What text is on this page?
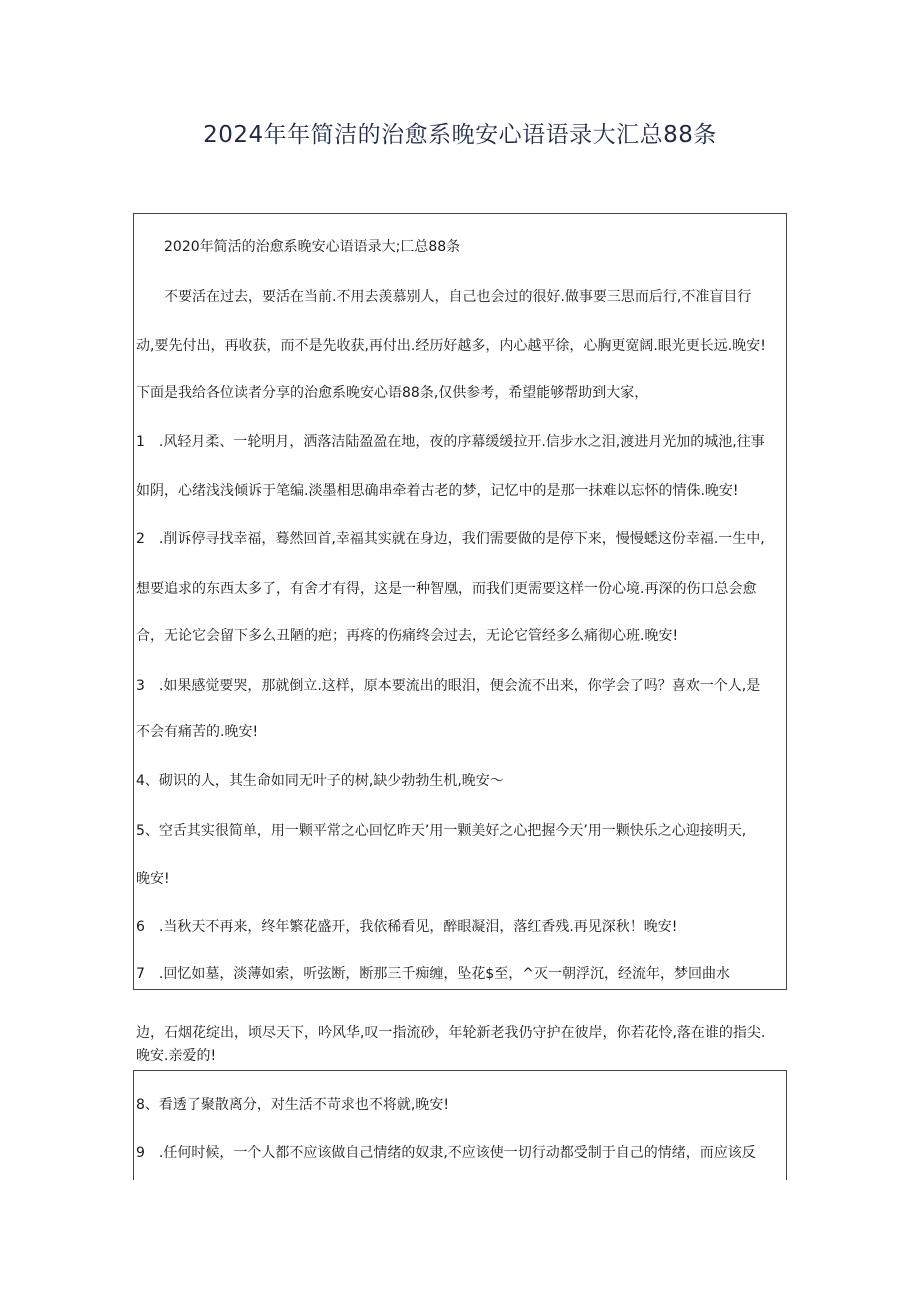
2024年年简洁的治愈系晚安心语语录大汇总88条
　　2020年简活的治愈系晚安心语语录大;匚总88条
　　不要活在过去，要活在当前.不用去羡慕别人，自己也会过的很好.做事要三思而后行,不准盲目行
动,要先付出，再收获，而不是先收获,再付出.经历好越多，内心越平徐，心胸更宽阔.眼光更长远.晚安!
下面是我给各位读者分享的治愈系晚安心语88条,仅供参考，希望能够帮助到大家，
1　.风轻月柔、一轮明月，洒落洁陆盈盈在地，夜的序幕缓缓拉开.信步水之泪,渡进月光加的城池,往事
如阴，心绪浅浅倾诉于笔编.淡墨相思确串牵着古老的梦，记忆中的是那一抹难以忘怀的情侏.晚安!
2　.削诉停寻找幸福，蓦然回首,幸福其实就在身边，我们需要做的是停下来，慢慢蟋这份幸福.一生中,
想要追求的东西太多了，有舍才有得，这是一种智凰，而我们更需要这样一份心境.再深的伤口总会愈
合，无论它会留下多么丑陋的疤；再疼的伤痛终会过去，无论它管经多么痛彻心班.晚安!
3　.如果感觉要哭，那就倒立.这样，原本要流出的眼泪，便会流不出来，你学会了吗？喜欢一个人,是
不会有痛苦的.晚安!
4、砌识的人，其生命如同无叶子的树,缺少勃勃生机,晚安〜
5、空舌其实很简单，用一颗平常之心回忆昨天’用一颗美好之心把握今天’用一颗快乐之心迎接明天,
晚安!
6　.当秋天不再来，终年繁花盛开，我依稀看见，醉眼凝泪，落红香残.再见深秋！晚安!
7　.回忆如墓，淡薄如索，听弦断，断那三千痴缠，坠花$至，^灭一朝浮沉，经流年，梦回曲水
边，石烟花绽出，顷尽天下，吟风华,叹一指流砂，年轮新老我仍守护在彼岸，你若花怜,落在谁的指尖.
晚安.亲爱的!
8、看透了聚散离分，对生活不苛求也不将就,晚安!
9　.任何时候，一个人都不应该做自己情绪的奴隶,不应该使一切行动都受制于自己的情绪，而应该反
